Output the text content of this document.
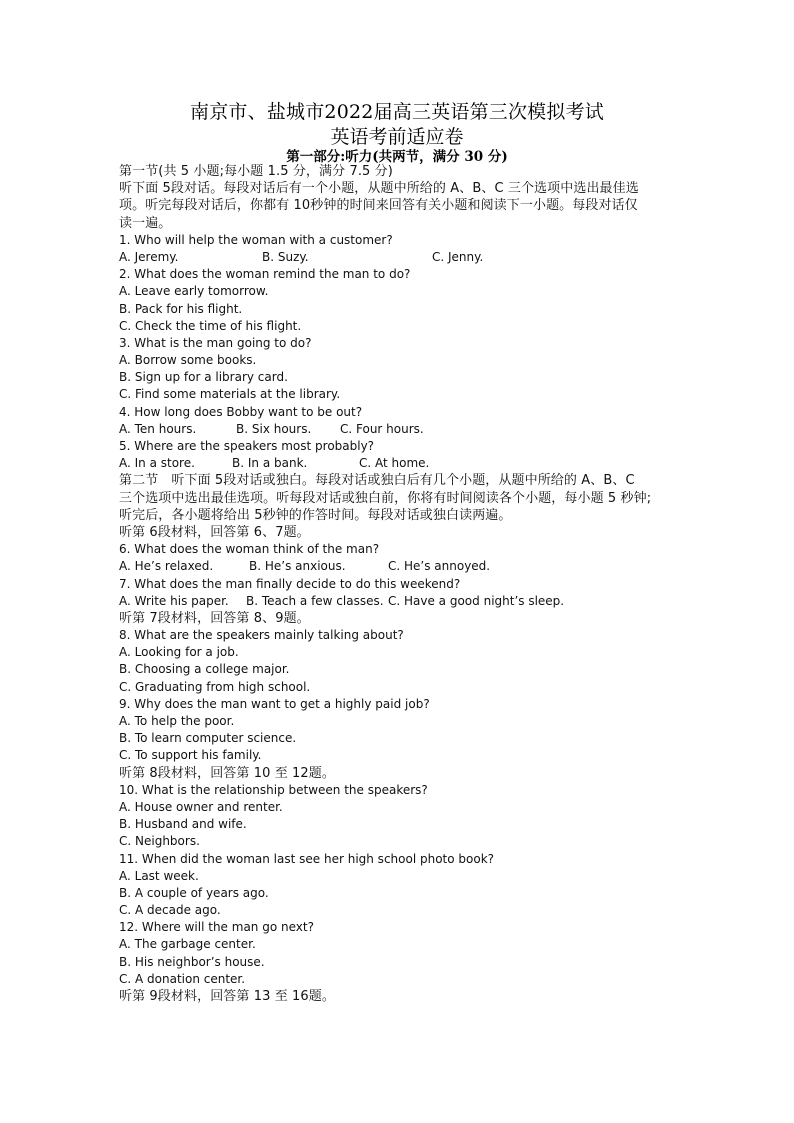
南京市、盐城市2022届高三英语第三次模拟考试
英语考前适应卷
第一部分:听力(共两节，满分 30 分)
第一节(共 5 小题;每小题 1.5 分，满分 7.5 分)
听下面 5段对话。每段对话后有一个小题，从题中所给的 A、B、C 三个选项中选出最佳选
项。听完每段对话后，你都有 10秒钟的时间来回答有关小题和阅读下一小题。每段对话仅
读一遍。
1. Who will help the woman with a customer?
A. Jeremy.	B. Suzy.	C. Jenny.
2. What does the woman remind the man to do?
A. Leave early tomorrow.
B. Pack for his flight.
C. Check the time of his flight.
3. What is the man going to do?
A. Borrow some books.
B. Sign up for a library card.
C. Find some materials at the library.
4. How long does Bobby want to be out?
A. Ten hours.	B. Six hours. C. Four hours.
5. Where are the speakers most probably?
A. In a store.	B. In a bank.	C. At home.
第二节　听下面 5段对话或独白。每段对话或独白后有几个小题，从题中所给的 A、B、C
三个选项中选出最佳选项。听每段对话或独白前，你将有时间阅读各个小题，每小题 5 秒钟;
听完后，各小题将给出 5秒钟的作答时间。每段对话或独白读两遍。
听第 6段材料，回答第 6、7题。
6. What does the woman think of the man?
A. He’s relaxed.	B. He’s anxious.	C. He’s annoyed.
7. What does the man finally decide to do this weekend?
A. Write his paper. B. Teach a few classes. C. Have a good night’s sleep.
听第 7段材料，回答第 8、9题。
8. What are the speakers mainly talking about?
A. Looking for a job.
B. Choosing a college major.
C. Graduating from high school.
9. Why does the man want to get a highly paid job?
A. To help the poor.
B. To learn computer science.
C. To support his family.
听第 8段材料，回答第 10 至 12题。
10. What is the relationship between the speakers?
A. House owner and renter.
B. Husband and wife.
C. Neighbors.
11. When did the woman last see her high school photo book?
A. Last week.
B. A couple of years ago.
C. A decade ago.
12. Where will the man go next?
A. The garbage center.
B. His neighbor’s house.
C. A donation center.
听第 9段材料，回答第 13 至 16题。
